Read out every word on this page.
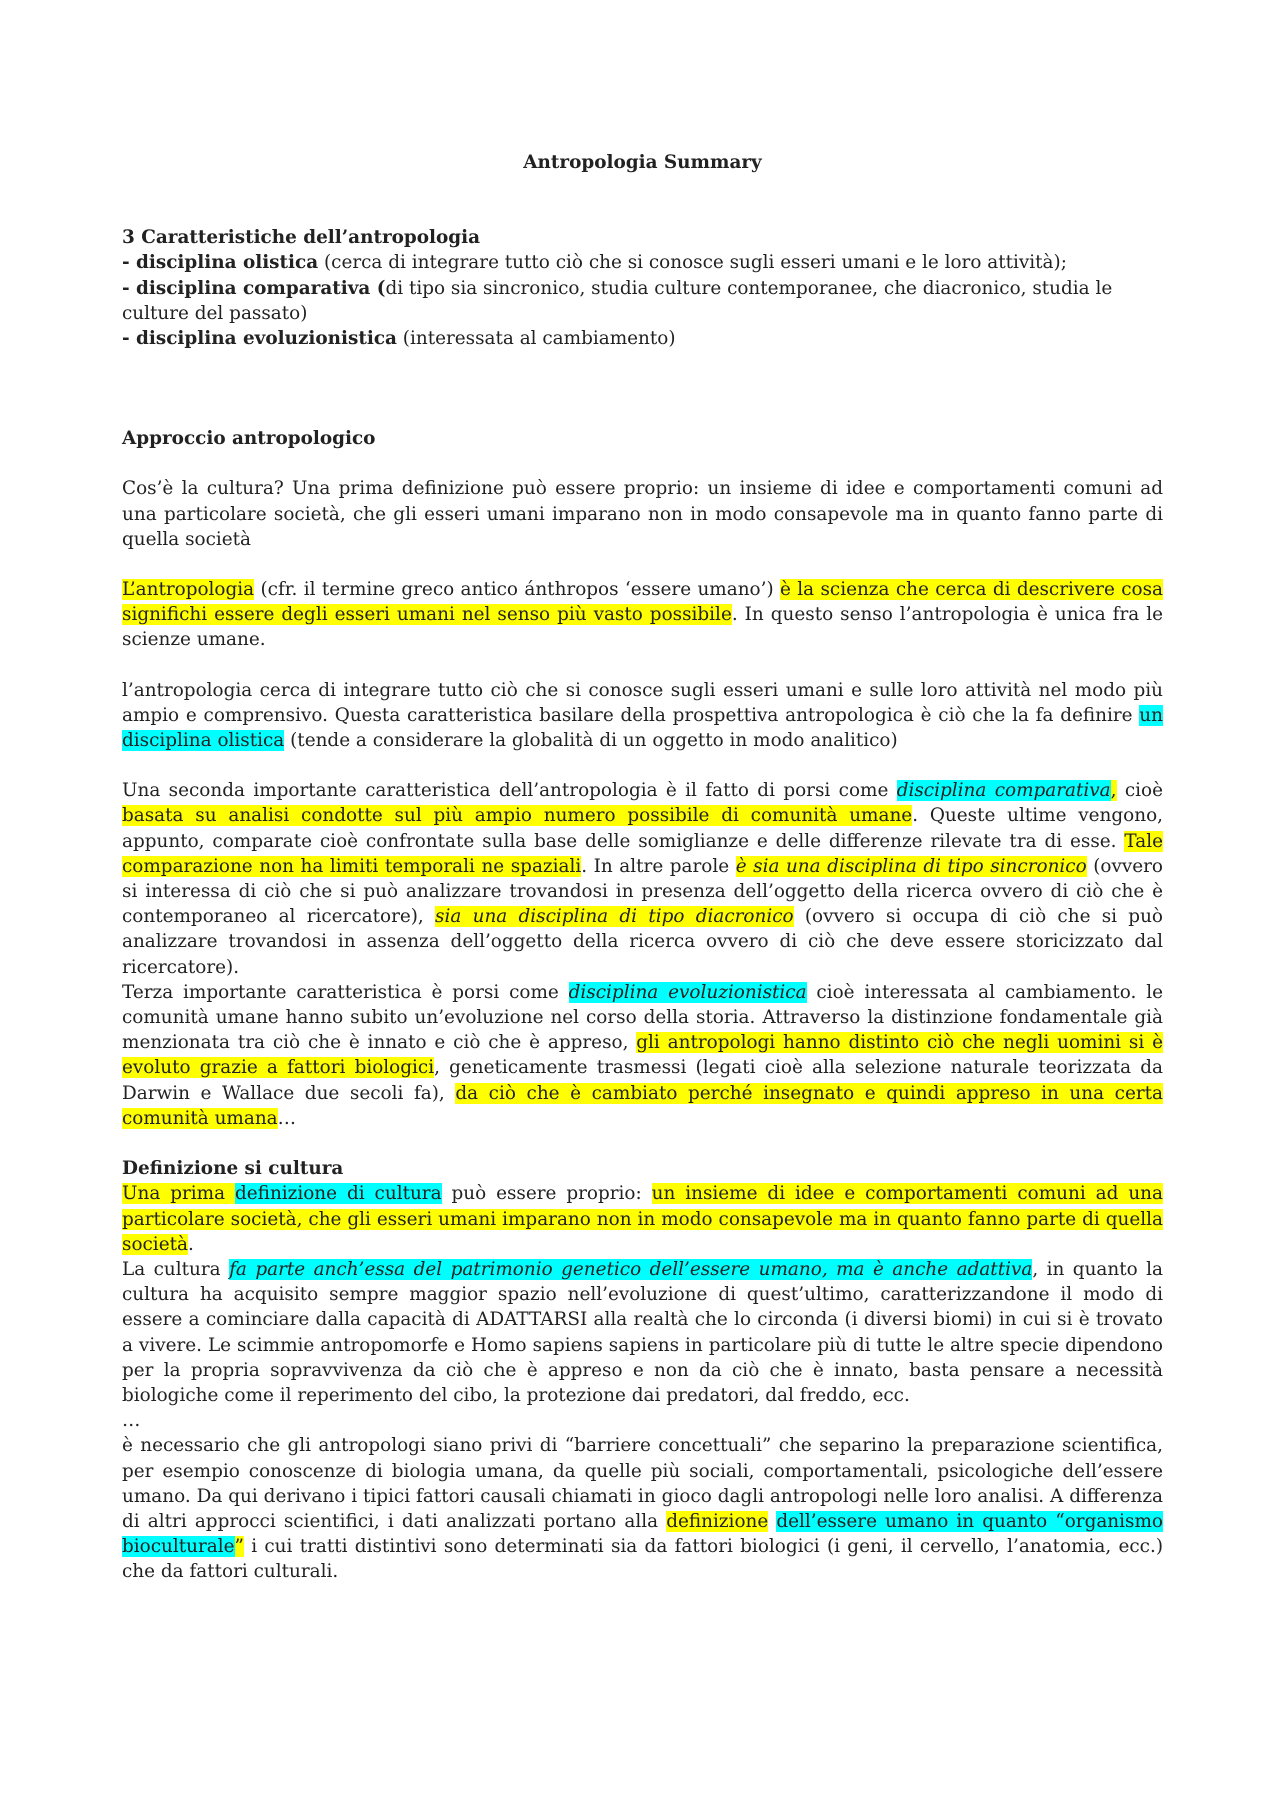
Antropologia Summary

3 Caratteristiche dell’antropologia

- disciplina olistica (cerca di integrare tutto ciò che si conosce sugli esseri umani e le loro attività);

- disciplina comparativa (di tipo sia sincronico, studia culture contemporanee, che diacronico, studia le culture del passato)

- disciplina evoluzionistica (interessata al cambiamento)

Approccio antropologico

Cos’è la cultura? Una prima definizione può essere proprio: un insieme di idee e comportamenti comuni ad una particolare società, che gli esseri umani imparano non in modo consapevole ma in quanto fanno parte di quella società

L’antropologia (cfr. il termine greco antico ánthropos ‘essere umano’) è la scienza che cerca di descrivere cosa significhi essere degli esseri umani nel senso più vasto possibile. In questo senso l’antropologia è unica fra le scienze umane.

l’antropologia cerca di integrare tutto ciò che si conosce sugli esseri umani e sulle loro attività nel modo più ampio e comprensivo. Questa caratteristica basilare della prospettiva antropologica è ciò che la fa definire un disciplina olistica (tende a considerare la globalità di un oggetto in modo analitico)

Una seconda importante caratteristica dell’antropologia è il fatto di porsi come disciplina comparativa, cioè basata su analisi condotte sul più ampio numero possibile di comunità umane. Queste ultime vengono, appunto, comparate cioè confrontate sulla base delle somiglianze e delle differenze rilevate tra di esse. Tale comparazione non ha limiti temporali ne spaziali. In altre parole è sia una disciplina di tipo sincronico (ovvero si interessa di ciò che si può analizzare trovandosi in presenza dell’oggetto della ricerca ovvero di ciò che è contemporaneo al ricercatore), sia una disciplina di tipo diacronico (ovvero si occupa di ciò che si può analizzare trovandosi in assenza dell’oggetto della ricerca ovvero di ciò che deve essere storicizzato dal ricercatore).

Terza importante caratteristica è porsi come disciplina evoluzionistica cioè interessata al cambiamento. le comunità umane hanno subito un’evoluzione nel corso della storia. Attraverso la distinzione fondamentale già menzionata tra ciò che è innato e ciò che è appreso, gli antropologi hanno distinto ciò che negli uomini si è evoluto grazie a fattori biologici, geneticamente trasmessi (legati cioè alla selezione naturale teorizzata da Darwin e Wallace due secoli fa), da ciò che è cambiato perché insegnato e quindi appreso in una certa comunità umana…

Definizione si cultura

Una prima definizione di cultura può essere proprio: un insieme di idee e comportamenti comuni ad una particolare società, che gli esseri umani imparano non in modo consapevole ma in quanto fanno parte di quella società.

La cultura fa parte anch’essa del patrimonio genetico dell’essere umano, ma è anche adattiva, in quanto la cultura ha acquisito sempre maggior spazio nell’evoluzione di quest’ultimo, caratterizzandone il modo di essere a cominciare dalla capacità di ADATTARSI alla realtà che lo circonda (i diversi biomi) in cui si è trovato a vivere. Le scimmie antropomorfe e Homo sapiens sapiens in particolare più di tutte le altre specie dipendono per la propria sopravvivenza da ciò che è appreso e non da ciò che è innato, basta pensare a necessità biologiche come il reperimento del cibo, la protezione dai predatori, dal freddo, ecc.

…

è necessario che gli antropologi siano privi di “barriere concettuali” che separino la preparazione scientifica, per esempio conoscenze di biologia umana, da quelle più sociali, comportamentali, psicologiche dell’essere umano. Da qui derivano i tipici fattori causali chiamati in gioco dagli antropologi nelle loro analisi. A differenza di altri approcci scientifici, i dati analizzati portano alla definizione dell’essere umano in quanto “organismo bioculturale” i cui tratti distintivi sono determinati sia da fattori biologici (i geni, il cervello, l’anatomia, ecc.) che da fattori culturali.
